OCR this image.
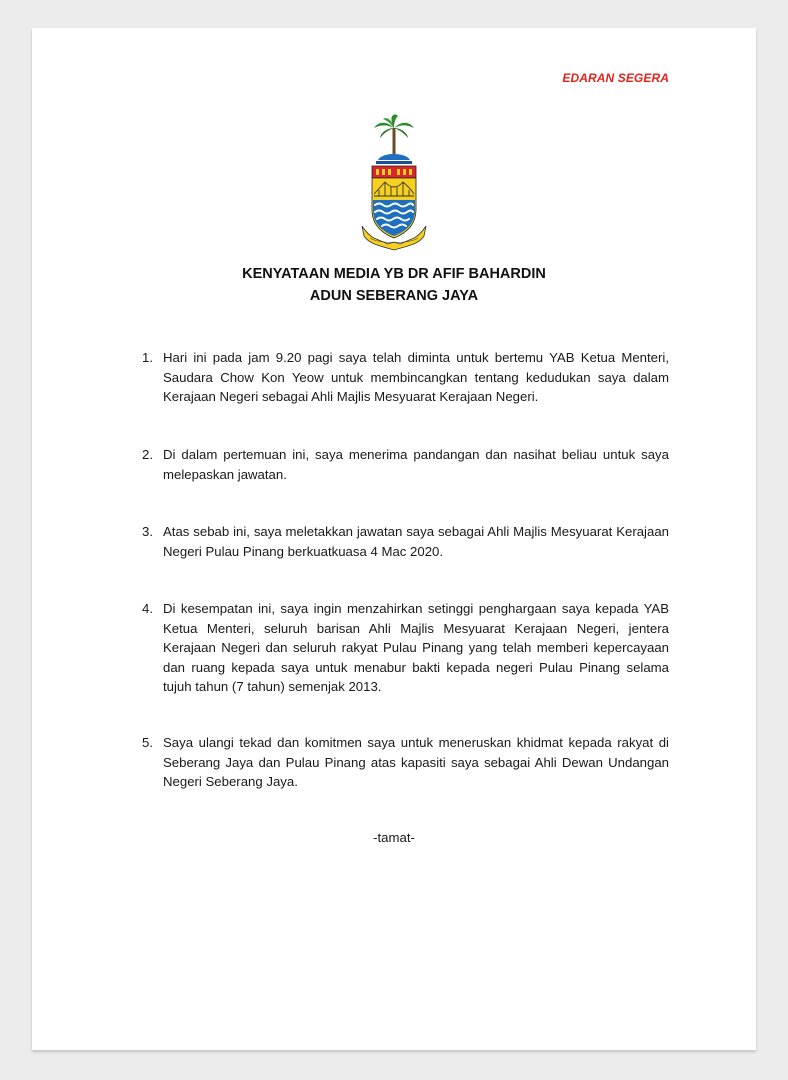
EDARAN SEGERA
KENYATAAN MEDIA YB DR AFIF BAHARDIN
ADUN SEBERANG JAYA
1. Hari ini pada jam 9.20 pagi saya telah diminta untuk bertemu YAB Ketua Menteri, Saudara Chow Kon Yeow untuk membincangkan tentang kedudukan saya dalam Kerajaan Negeri sebagai Ahli Majlis Mesyuarat Kerajaan Negeri.
2. Di dalam pertemuan ini, saya menerima pandangan dan nasihat beliau untuk saya melepaskan jawatan.
3. Atas sebab ini, saya meletakkan jawatan saya sebagai Ahli Majlis Mesyuarat Kerajaan Negeri Pulau Pinang berkuatkuasa 4 Mac 2020.
4. Di kesempatan ini, saya ingin menzahirkan setinggi penghargaan saya kepada YAB Ketua Menteri, seluruh barisan Ahli Majlis Mesyuarat Kerajaan Negeri, jentera Kerajaan Negeri dan seluruh rakyat Pulau Pinang yang telah memberi kepercayaan dan ruang kepada saya untuk menabur bakti kepada negeri Pulau Pinang selama tujuh tahun (7 tahun) semenjak 2013.
5. Saya ulangi tekad dan komitmen saya untuk meneruskan khidmat kepada rakyat di Seberang Jaya dan Pulau Pinang atas kapasiti saya sebagai Ahli Dewan Undangan Negeri Seberang Jaya.
-tamat-
